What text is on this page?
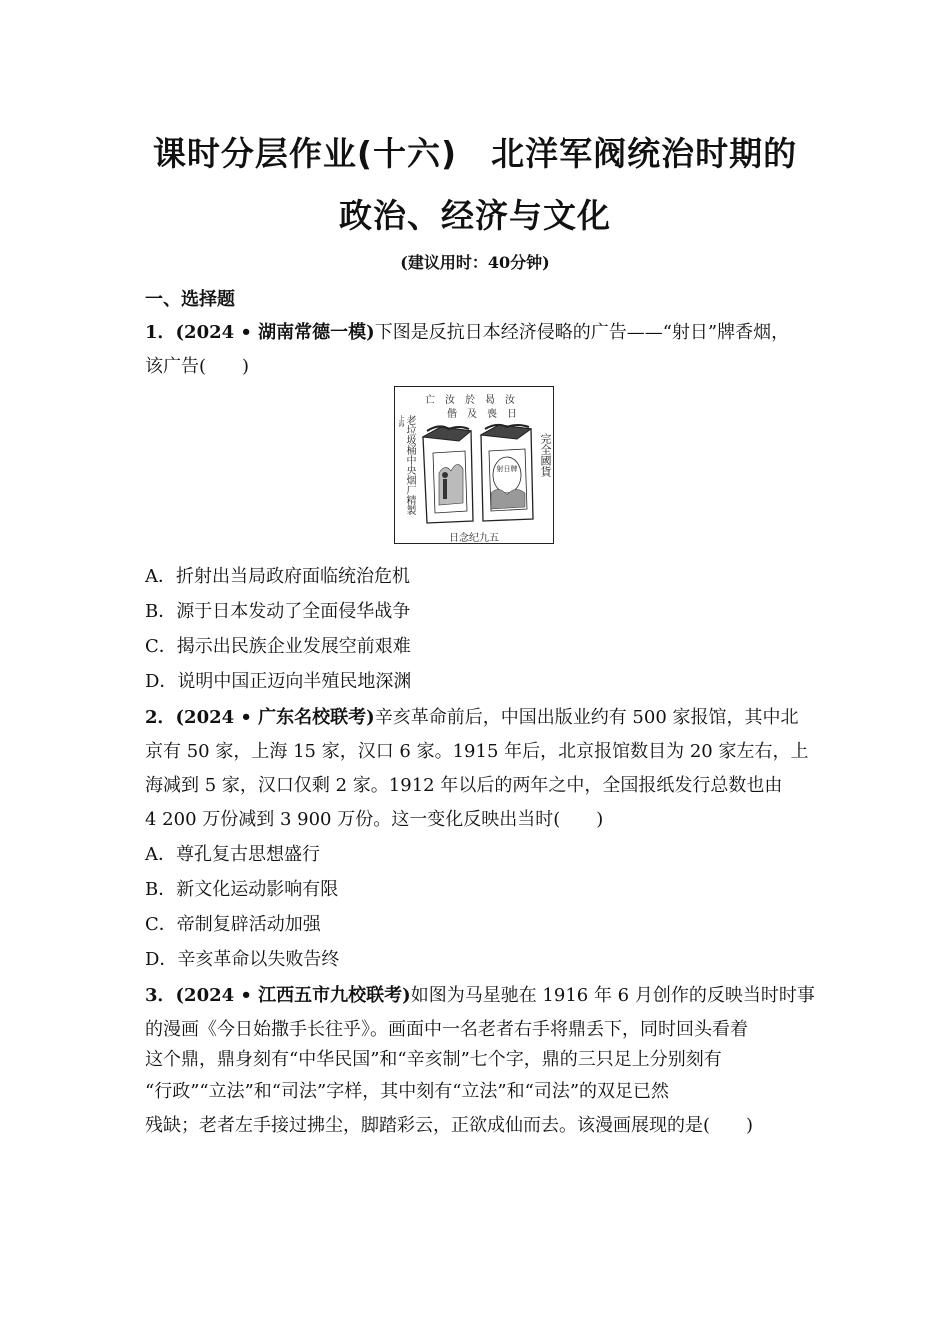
课时分层作业(十六)　北洋军阀统治时期的
政治、经济与文化
(建议用时：40分钟)
一、选择题
1．(2024 • 湖南常德一模)下图是反抗日本经济侵略的广告——“射日”牌香烟，
该广告(　　)
亡　汝　於　曷　汝
偕　及　喪　日
上海 老垃圾桶中央烟厂精製	完全國貨
射日牌
日念纪九五
A．折射出当局政府面临统治危机
B．源于日本发动了全面侵华战争
C．揭示出民族企业发展空前艰难
D．说明中国正迈向半殖民地深渊
2．(2024 • 广东名校联考)辛亥革命前后，中国出版业约有 500 家报馆，其中北
京有 50 家，上海 15 家，汉口 6 家。1915 年后，北京报馆数目为 20 家左右，上
海减到 5 家，汉口仅剩 2 家。1912 年以后的两年之中，全国报纸发行总数也由
4 200 万份减到 3 900 万份。这一变化反映出当时(　　)
A．尊孔复古思想盛行
B．新文化运动影响有限
C．帝制复辟活动加强
D．辛亥革命以失败告终
3．(2024 • 江西五市九校联考)如图为马星驰在 1916 年 6 月创作的反映当时时事
的漫画《今日始撒手长往乎》。画面中一名老者右手将鼎丢下，同时回头看着
这个鼎，鼎身刻有“中华民国”和“辛亥制”七个字，鼎的三只足上分别刻有
“行政”“立法”和“司法”字样，其中刻有“立法”和“司法”的双足已然
残缺；老者左手接过拂尘，脚踏彩云，正欲成仙而去。该漫画展现的是(　　)
